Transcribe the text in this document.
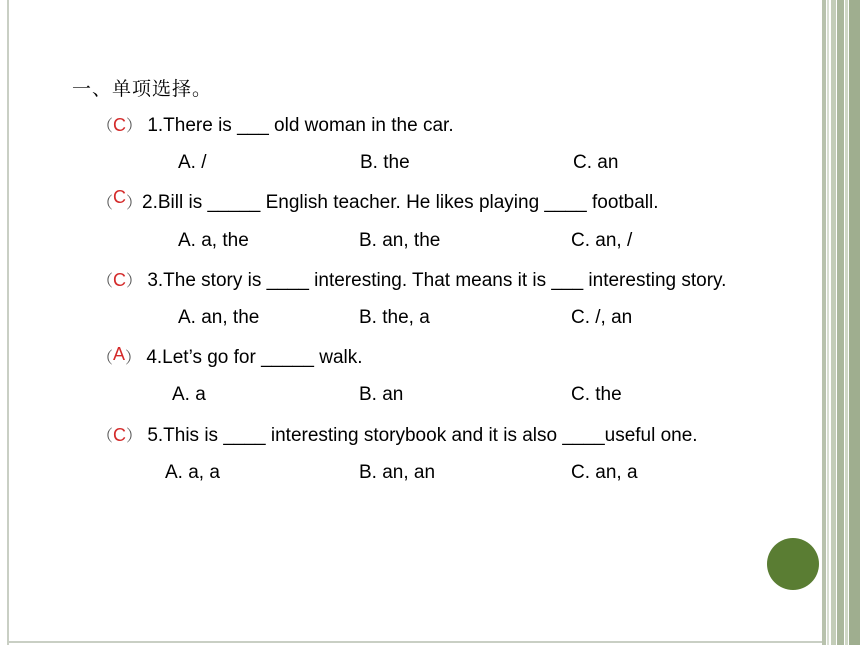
一、单项选择。
（C） 1.There is ___ old woman in the car.
A. /	B. the	C. an
（C）2.Bill is _____ English teacher. He likes playing ____ football.
A. a, the	B. an, the	C. an, /
（C） 3.The story is ____ interesting. That means it is ___ interesting story.
A. an, the	B. the, a	C. /, an
（A） 4.Let’s go for _____ walk.
A. a	B. an	C. the
（C） 5.This is ____ interesting storybook and it is also ____useful one.
A. a, a	B. an, an	C. an, a
